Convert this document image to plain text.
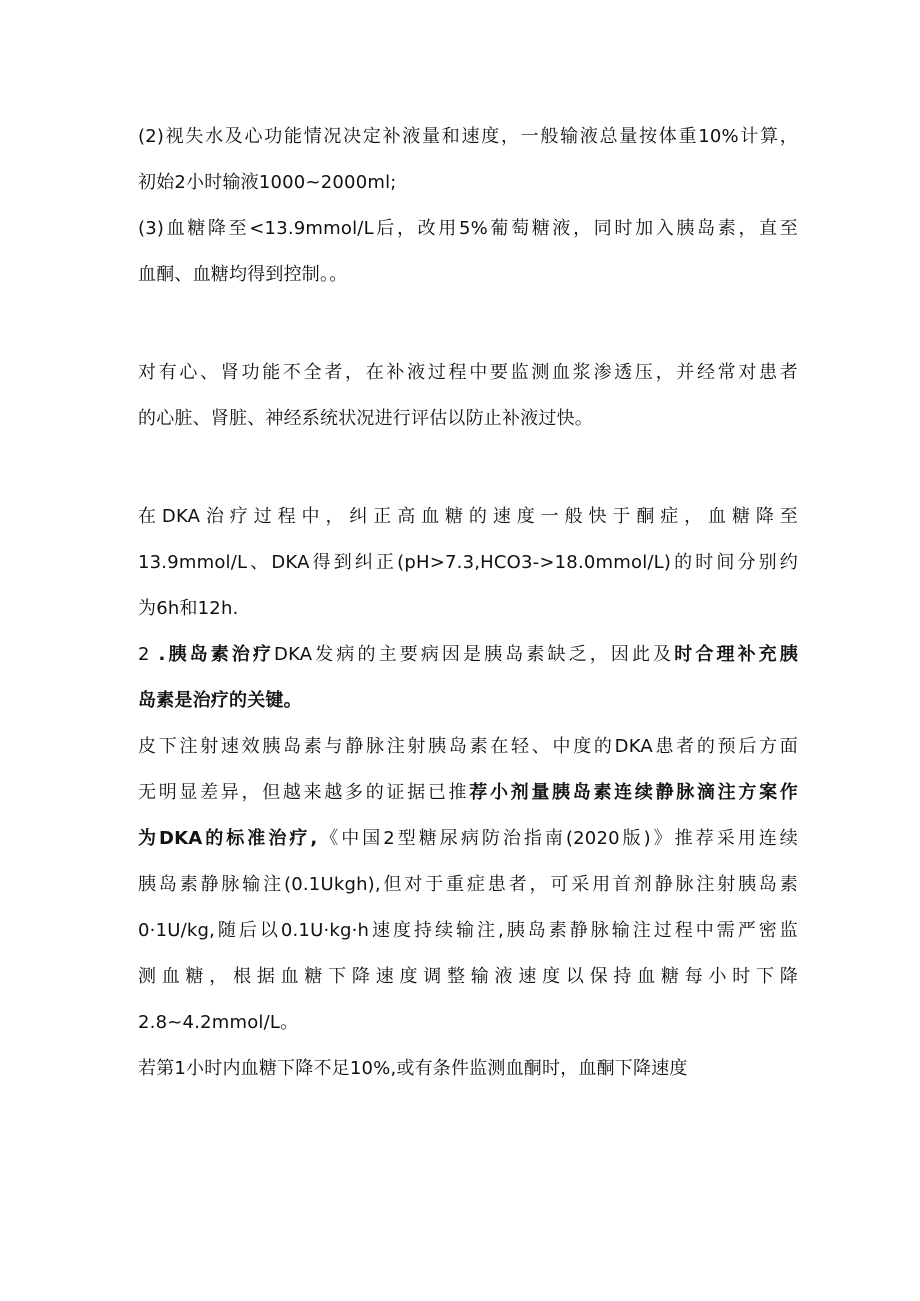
(2)视失水及心功能情况决定补液量和速度，一般输液总量按体重10%计算，
初始2小时输液1000~2000ml;
(3)血糖降至<13.9mmol/L后，改用5%葡萄糖液，同时加入胰岛素，直至
血酮、血糖均得到控制。。
对有心、肾功能不全者，在补液过程中要监测血浆渗透压，并经常对患者
的心脏、肾脏、神经系统状况进行评估以防止补液过快。
在DKA治疗过程中，纠正高血糖的速度一般快于酮症，血糖降至
13.9mmol/L、DKA得到纠正(pH>7.3,HCO3->18.0mmol/L)的时间分别约
为6h和12h.
2 .胰岛素治疗DKA发病的主要病因是胰岛素缺乏，因此及时合理补充胰
岛素是治疗的关键。
皮下注射速效胰岛素与静脉注射胰岛素在轻、中度的DKA患者的预后方面
无明显差异，但越来越多的证据已推荐小剂量胰岛素连续静脉滴注方案作
为DKA的标准治疗,《中国2型糖尿病防治指南(2020版)》推荐采用连续
胰岛素静脉输注(0.1Ukgh),但对于重症患者，可采用首剂静脉注射胰岛素
0·1U/kg,随后以0.1U·kg·h速度持续输注,胰岛素静脉输注过程中需严密监
测血糖，根据血糖下降速度调整输液速度以保持血糖每小时下降
2.8~4.2mmol/L。
若第1小时内血糖下降不足10%,或有条件监测血酮时，血酮下降速度
